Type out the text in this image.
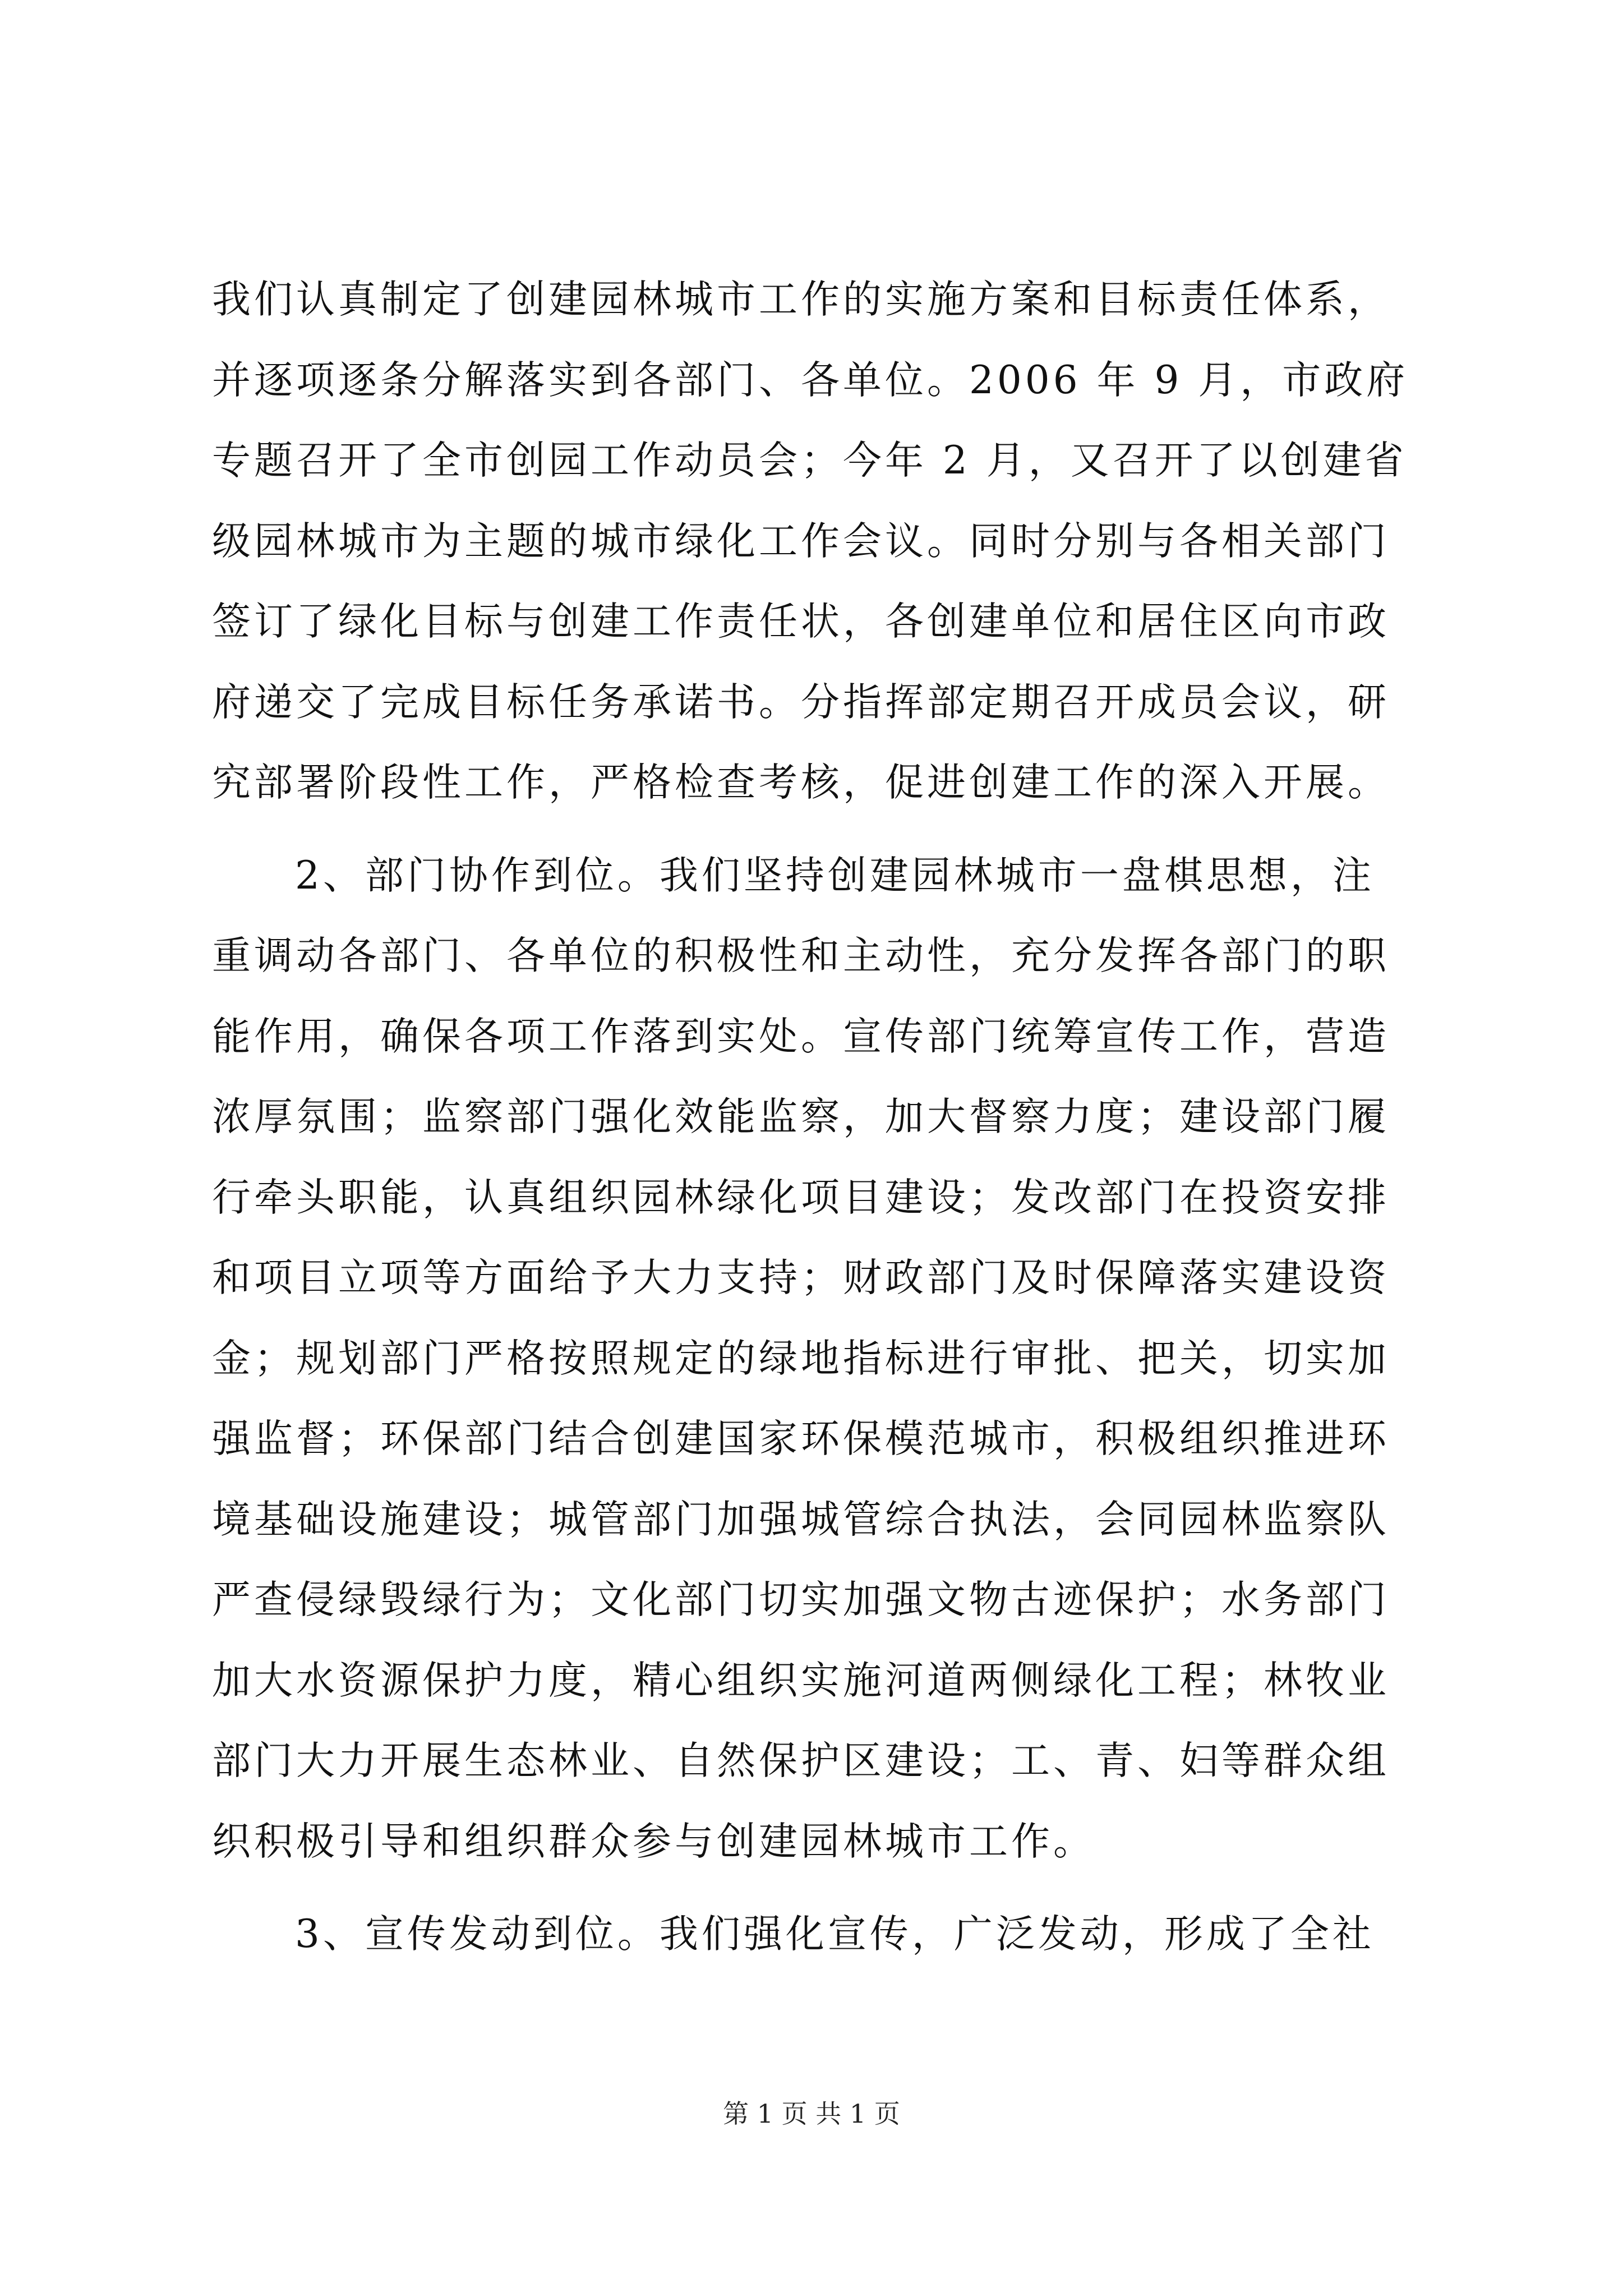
我们认真制定了创建园林城市工作的实施方案和目标责任体系，
并逐项逐条分解落实到各部门、各单位。2006 年 9 月，市政府
专题召开了全市创园工作动员会；今年 2 月，又召开了以创建省
级园林城市为主题的城市绿化工作会议。同时分别与各相关部门
签订了绿化目标与创建工作责任状，各创建单位和居住区向市政
府递交了完成目标任务承诺书。分指挥部定期召开成员会议，研
究部署阶段性工作，严格检查考核，促进创建工作的深入开展。
2、部门协作到位。我们坚持创建园林城市一盘棋思想，注
重调动各部门、各单位的积极性和主动性，充分发挥各部门的职
能作用，确保各项工作落到实处。宣传部门统筹宣传工作，营造
浓厚氛围；监察部门强化效能监察，加大督察力度；建设部门履
行牵头职能，认真组织园林绿化项目建设；发改部门在投资安排
和项目立项等方面给予大力支持；财政部门及时保障落实建设资
金；规划部门严格按照规定的绿地指标进行审批、把关，切实加
强监督；环保部门结合创建国家环保模范城市，积极组织推进环
境基础设施建设；城管部门加强城管综合执法，会同园林监察队
严查侵绿毁绿行为；文化部门切实加强文物古迹保护；水务部门
加大水资源保护力度，精心组织实施河道两侧绿化工程；林牧业
部门大力开展生态林业、自然保护区建设；工、青、妇等群众组
织积极引导和组织群众参与创建园林城市工作。
3、宣传发动到位。我们强化宣传，广泛发动，形成了全社
第 1 页 共 1 页
